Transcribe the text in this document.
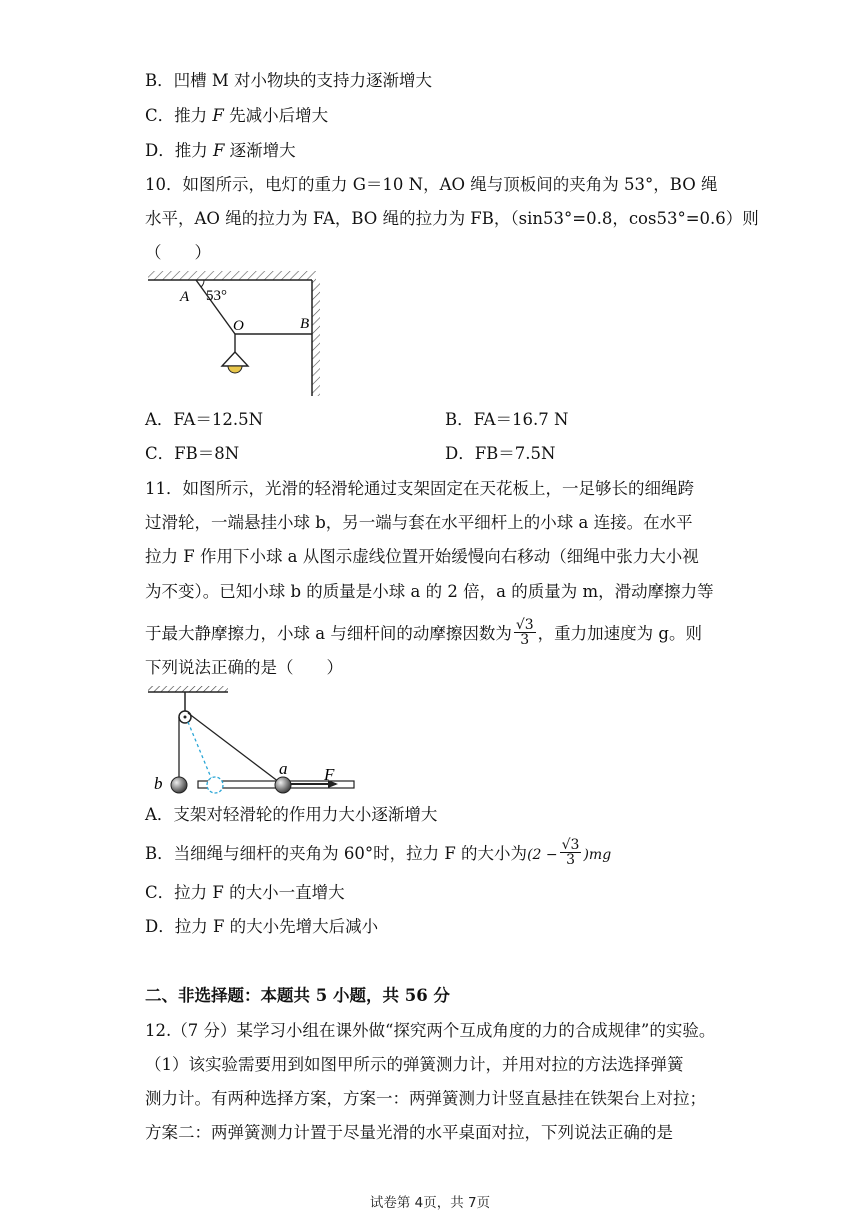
B．凹槽 M 对小物块的支持力逐渐增大
C．推力 F 先减小后增大
D．推力 F 逐渐增大
10．如图所示，电灯的重力 G＝10 N，AO 绳与顶板间的夹角为 53°，BO 绳
水平，AO 绳的拉力为 FA，BO 绳的拉力为 FB，（sin53°=0.8，cos53°=0.6）则
（　　）
A 53°
O	B
A．FA＝12.5N	B．FA＝16.7 N
C．FB＝8N	D．FB＝7.5N
11．如图所示，光滑的轻滑轮通过支架固定在天花板上，一足够长的细绳跨
过滑轮，一端悬挂小球 b，另一端与套在水平细杆上的小球 a 连接。在水平
拉力 F 作用下小球 a 从图示虚线位置开始缓慢向右移动（细绳中张力大小视
为不变）。已知小球 b 的质量是小球 a 的 2 倍，a 的质量为 m，滑动摩擦力等
于最大静摩擦力，小球 a 与细杆间的动摩擦因数为 $\frac{√3}{3}$ ，重力加速度为 g。则
下列说法正确的是（　　）
b
a F
A．支架对轻滑轮的作用力大小逐渐增大
B．当细绳与细杆的夹角为 60°时，拉力 F 的大小为$(2 - \frac{√3}{3} )mg$
C．拉力 F 的大小一直增大
D．拉力 F 的大小先增大后减小
二、非选择题：本题共 5 小题，共 56 分
12.（7 分）某学习小组在课外做“探究两个互成角度的力的合成规律”的实验。
（1）该实验需要用到如图甲所示的弹簧测力计，并用对拉的方法选择弹簧
测力计。有两种选择方案，方案一：两弹簧测力计竖直悬挂在铁架台上对拉；
方案二：两弹簧测力计置于尽量光滑的水平桌面对拉，下列说法正确的是
试卷第 4页，共 7页
